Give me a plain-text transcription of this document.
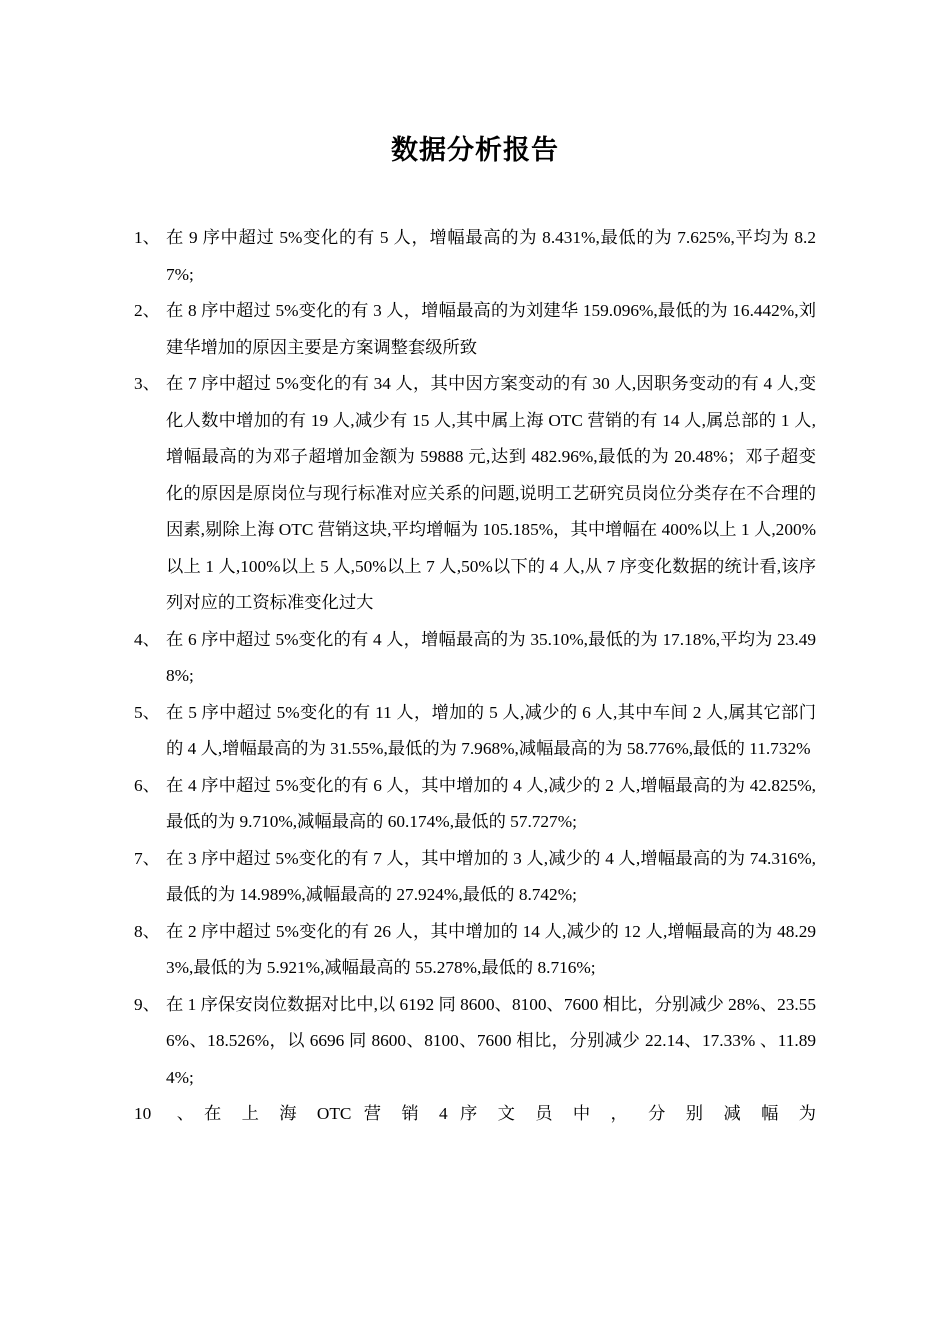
数据分析报告
1、 在 9 序中超过 5%变化的有 5 人，增幅最高的为 8.431%,最低的为 7.625%,平均为 8.27%;
2、 在 8 序中超过 5%变化的有 3 人，增幅最高的为刘建华 159.096%,最低的为 16.442%,刘建华增加的原因主要是方案调整套级所致
3、 在 7 序中超过 5%变化的有 34 人，其中因方案变动的有 30 人,因职务变动的有 4 人,变化人数中增加的有 19 人,减少有 15 人,其中属上海 OTC 营销的有 14 人,属总部的 1 人,增幅最高的为邓子超增加金额为 59888 元,达到 482.96%,最低的为 20.48%；邓子超变化的原因是原岗位与现行标准对应关系的问题,说明工艺研究员岗位分类存在不合理的因素,剔除上海 OTC 营销这块,平均增幅为 105.185%，其中增幅在 400%以上 1 人,200%以上 1 人,100%以上 5 人,50%以上 7 人,50%以下的 4 人,从 7 序变化数据的统计看,该序列对应的工资标准变化过大
4、 在 6 序中超过 5%变化的有 4 人，增幅最高的为 35.10%,最低的为 17.18%,平均为 23.498%;
5、 在 5 序中超过 5%变化的有 11 人，增加的 5 人,减少的 6 人,其中车间 2 人,属其它部门的 4 人,增幅最高的为 31.55%,最低的为 7.968%,减幅最高的为 58.776%,最低的 11.732%
6、 在 4 序中超过 5%变化的有 6 人，其中增加的 4 人,减少的 2 人,增幅最高的为 42.825%,最低的为 9.710%,减幅最高的 60.174%,最低的 57.727%;
7、 在 3 序中超过 5%变化的有 7 人，其中增加的 3 人,减少的 4 人,增幅最高的为 74.316%,最低的为 14.989%,减幅最高的 27.924%,最低的 8.742%;
8、 在 2 序中超过 5%变化的有 26 人，其中增加的 14 人,减少的 12 人,增幅最高的为 48.293%,最低的为 5.921%,减幅最高的 55.278%,最低的 8.716%;
9、 在 1 序保安岗位数据对比中,以 6192 同 8600、8100、7600 相比，分别减少 28%、23.556%、18.526%，以 6696 同 8600、8100、7600 相比，分别减少 22.14、17.33% 、11.894%;
10、 在 上 海 OTC 营 销 4 序 文 员 中 ， 分 别 减 幅 为
